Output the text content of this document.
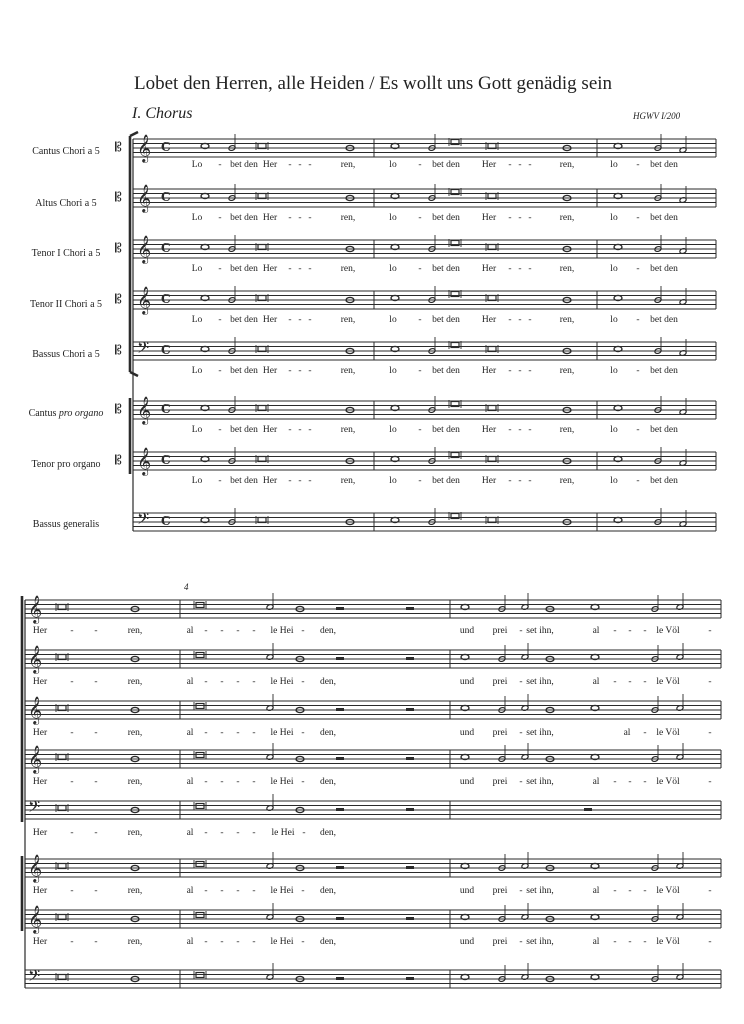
Lobet den Herren, alle Heiden / Es wollt uns Gott genädig sein
I. Chorus	HGWV I/200
Cantus Chori a 5
Altus Chori a 5
Tenor I Chori a 5
Tenor II Chori a 5
Bassus Chori a 5
Cantus pro organo
Tenor pro organo
Bassus generalis
4
𝄞 C
𝄡
𝄞 C
𝄡
𝄞 C
𝄡
𝄞 C
𝄡
𝄢 C
𝄡
𝄞 C
𝄡
𝄞 C
𝄡
𝄢 C
𝄞
𝄞
𝄞
𝄞
𝄢
𝄞
𝄞
𝄢
Lo - bet den Her - - -	ren,	lo - bet den Her - - -	ren,	lo - bet den
Lo - bet den Her - - -	ren,	lo - bet den Her - - -	ren,	lo - bet den
Lo - bet den Her - - -	ren,	lo - bet den Her - - -	ren,	lo - bet den
Lo - bet den Her - - -	ren,	lo - bet den Her - - -	ren,	lo - bet den
Lo - bet den Her - - -	ren,	lo - bet den Her - - -	ren,	lo - bet den
Lo - bet den Her - - -	ren,	lo - bet den Her - - -	ren,	lo - bet den
Lo - bet den Her - - -	ren,	lo - bet den Her - - -	ren,	lo - bet den
Her - -	ren,	al - - - - le Hei - den,	und prei - set ihn,	al - - - le Völ	-
Her - -	ren,	al - - - - le Hei - den,	und prei - set ihn,	al - - - le Völ	-
Her - -	ren,	al - - - - le Hei - den,	und prei - set ihn,	al - le Völ	-
Her - -	ren,	al - - - - le Hei - den,	und prei - set ihn,	al - - - le Völ	-
Her - -	ren,	al - - - - le Hei - den,
Her - -	ren,	al - - - - le Hei - den,	und prei - set ihn,	al - - - le Völ	-
Her - -	ren,	al - - - - le Hei - den,	und prei - set ihn,	al - - - le Völ	-
